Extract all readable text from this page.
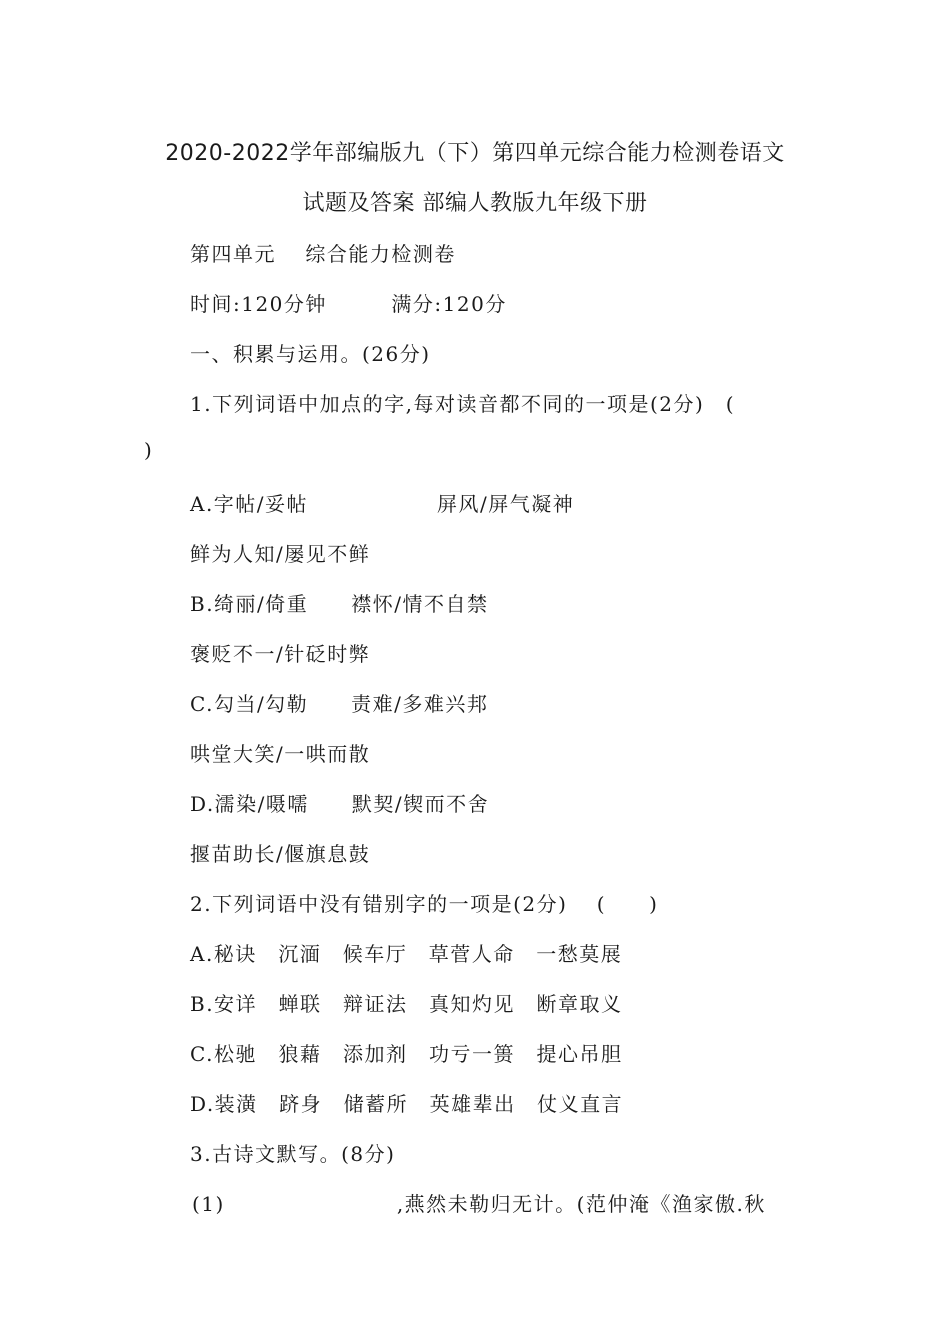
2020-2022学年部编版九（下）第四单元综合能力检测卷语文
试题及答案 部编人教版九年级下册
第四单元　 综合能力检测卷
时间:120分钟　　　满分:120分
一、积累与运用。(26分)
1.下列词语中加点的字,每对读音都不同的一项是(2分)　(
)
A.字帖/妥帖　　　　　　屏风/屏气凝神
鲜为人知/屡见不鲜
B.绮丽/倚重　　襟怀/情不自禁
褒贬不一/针砭时弊
C.勾当/勾勒　　责难/多难兴邦
哄堂大笑/一哄而散
D.濡染/嗫嚅　　默契/锲而不舍
揠苗助长/偃旗息鼓
2.下列词语中没有错别字的一项是(2分)　 (　　)
A.秘诀　沉湎　候车厅　草菅人命　一愁莫展
B.安详　蝉联　辩证法　真知灼见　断章取义
C.松驰　狼藉　添加剂　功亏一篑　提心吊胆
D.装潢　跻身　储蓄所　英雄辈出　仗义直言
3.古诗文默写。(8分)
(1)　　　　　　　　,燕然未勒归无计。(范仲淹《渔家傲.秋
